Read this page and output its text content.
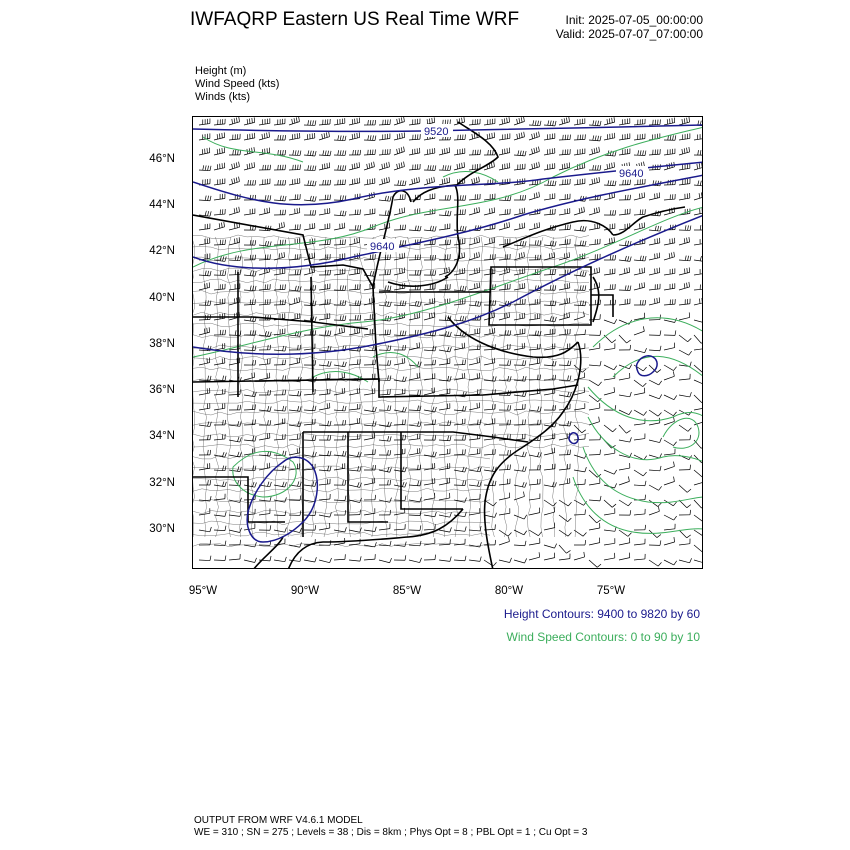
IWFAQRP Eastern US Real Time WRF	Init: 2025-07-05_00:00:00
Valid: 2025-07-07_07:00:00
Height (m)
Wind Speed (kts)
Winds (kts)
9520
9640
9640
46°N
44°N
42°N
40°N
38°N
36°N
34°N
32°N
30°N
95°W	90°W	85°W	80°W	75°W
Height Contours: 9400 to 9820 by 60
Wind Speed Contours: 0 to 90 by 10
OUTPUT FROM WRF V4.6.1 MODEL
WE = 310 ; SN = 275 ; Levels = 38 ; Dis = 8km ; Phys Opt = 8 ; PBL Opt = 1 ; Cu Opt = 3
